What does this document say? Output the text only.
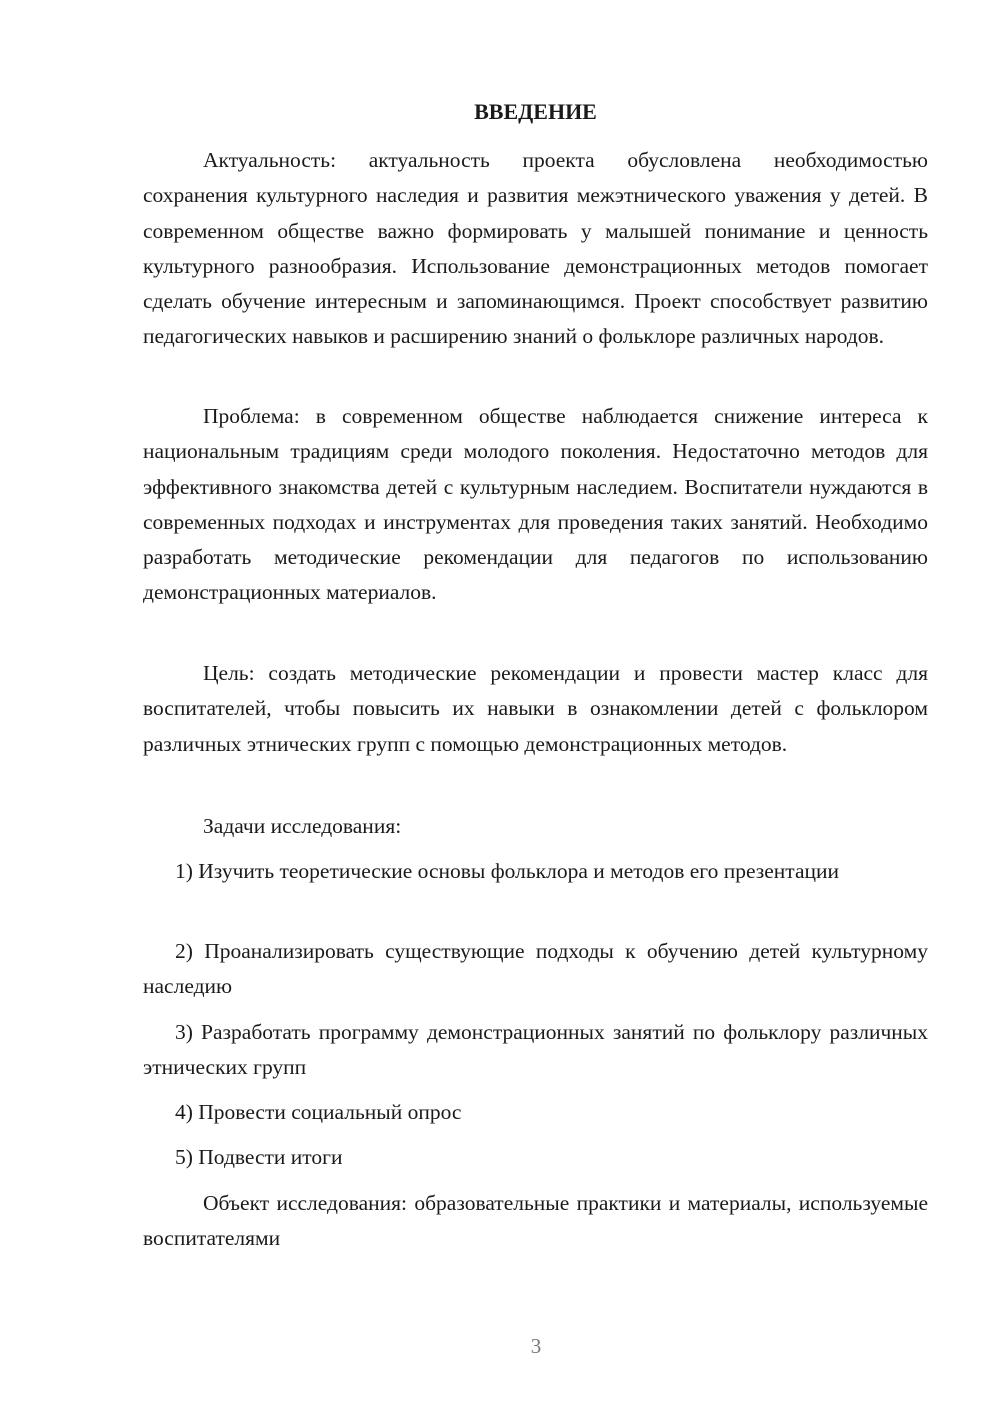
ВВЕДЕНИЕ

Актуальность: актуальность проекта обусловлена необходимостью сохранения культурного наследия и развития межэтнического уважения у детей. В современном обществе важно формировать у малышей понимание и ценность культурного разнообразия. Использование демонстрационных методов помогает сделать обучение интересным и запоминающимся. Проект способствует развитию педагогических навыков и расширению знаний о фольклоре различных народов.

Проблема: в современном обществе наблюдается снижение интереса к национальным традициям среди молодого поколения. Недостаточно методов для эффективного знакомства детей с культурным наследием. Воспитатели нуждаются в современных подходах и инструментах для проведения таких занятий. Необходимо разработать методические рекомендации для педагогов по использованию демонстрационных материалов.

Цель: создать методические рекомендации и провести мастер класс для воспитателей, чтобы повысить их навыки в ознакомлении детей с фольклором различных этнических групп с помощью демонстрационных методов.

Задачи исследования:

1) Изучить теоретические основы фольклора и методов его презентации

2) Проанализировать существующие подходы к обучению детей культурному наследию

3) Разработать программу демонстрационных занятий по фольклору различных этнических групп

4) Провести социальный опрос

5) Подвести итоги

Объект исследования: образовательные практики и материалы, используемые воспитателями

3
